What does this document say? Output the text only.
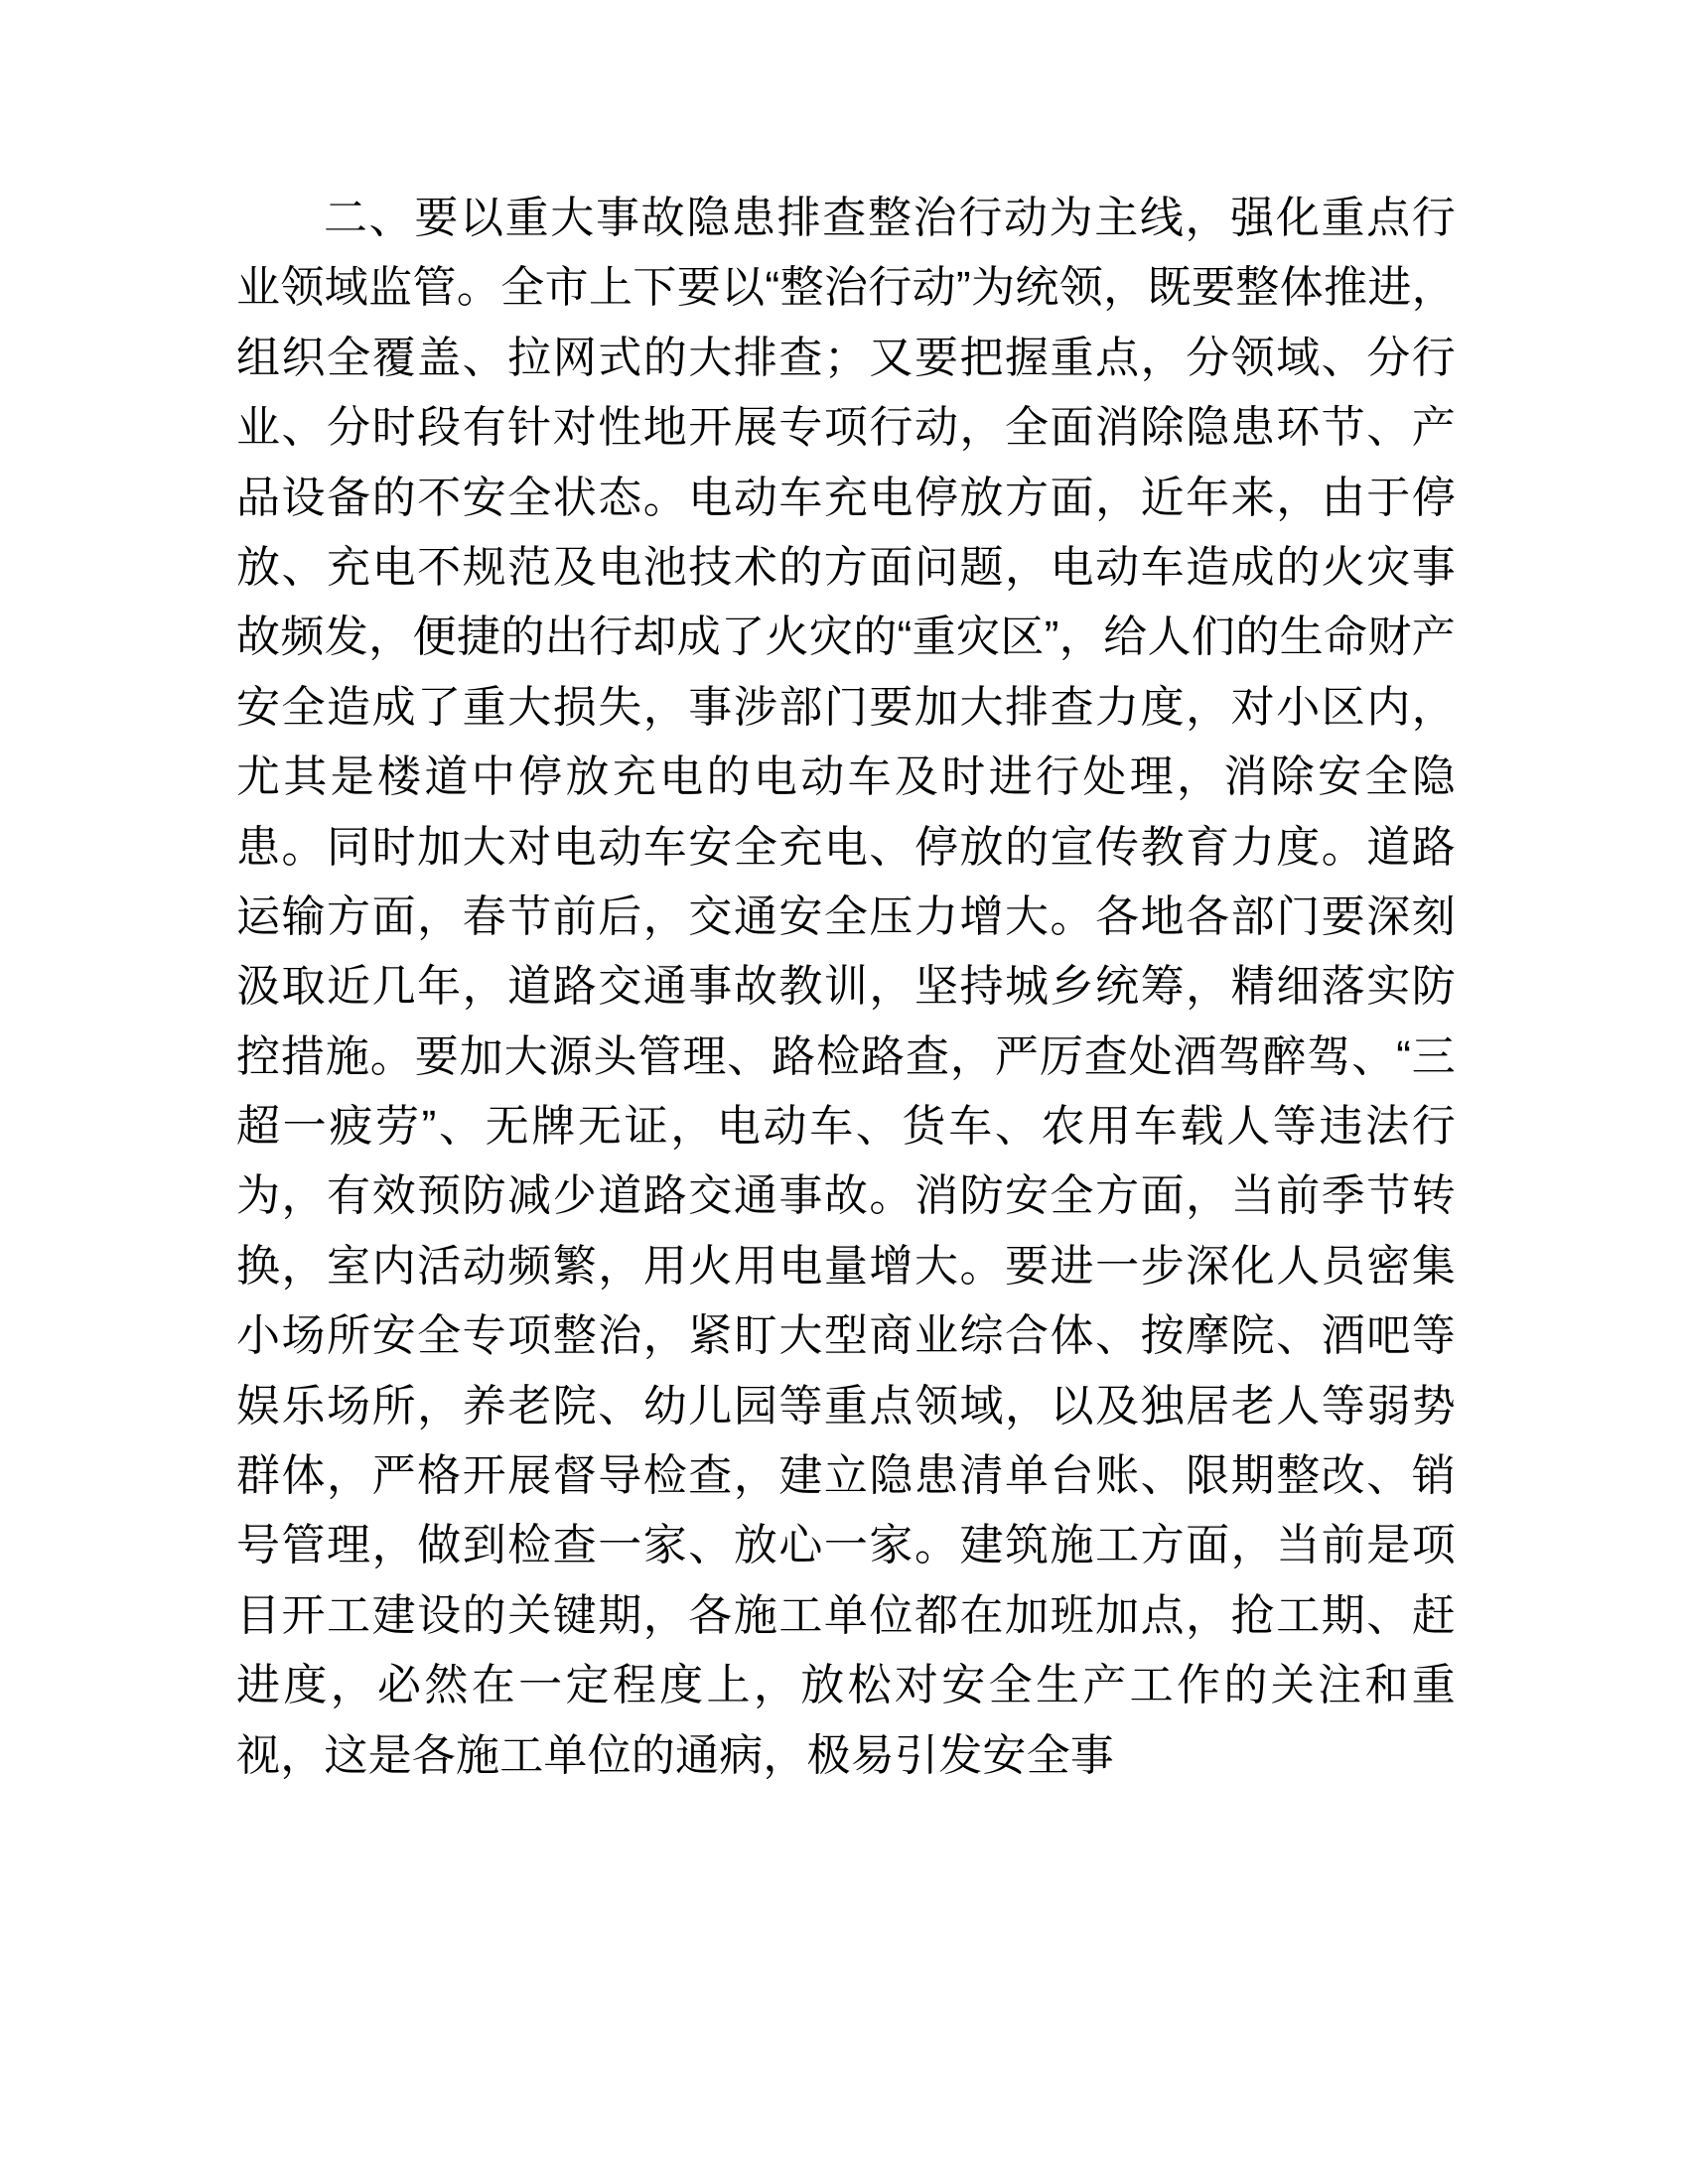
二、要以重大事故隐患排查整治行动为主线，强化重点行业领域监管。全市上下要以“整治行动”为统领，既要整体推进，组织全覆盖、拉网式的大排查；又要把握重点，分领域、分行业、分时段有针对性地开展专项行动，全面消除隐患环节、产品设备的不安全状态。电动车充电停放方面，近年来，由于停放、充电不规范及电池技术的方面问题，电动车造成的火灾事故频发，便捷的出行却成了火灾的“重灾区”，给人们的生命财产安全造成了重大损失，事涉部门要加大排查力度，对小区内，尤其是楼道中停放充电的电动车及时进行处理，消除安全隐患。同时加大对电动车安全充电、停放的宣传教育力度。道路运输方面，春节前后，交通安全压力增大。各地各部门要深刻汲取近几年，道路交通事故教训，坚持城乡统筹，精细落实防控措施。要加大源头管理、路检路查，严厉查处酒驾醉驾、“三超一疲劳”、无牌无证，电动车、货车、农用车载人等违法行为，有效预防减少道路交通事故。消防安全方面，当前季节转换，室内活动频繁，用火用电量增大。要进一步深化人员密集小场所安全专项整治，紧盯大型商业综合体、按摩院、酒吧等娱乐场所，养老院、幼儿园等重点领域，以及独居老人等弱势群体，严格开展督导检查，建立隐患清单台账、限期整改、销号管理，做到检查一家、放心一家。建筑施工方面，当前是项目开工建设的关键期，各施工单位都在加班加点，抢工期、赶进度，必然在一定程度上，放松对安全生产工作的关注和重视，这是各施工单位的通病，极易引发安全事
